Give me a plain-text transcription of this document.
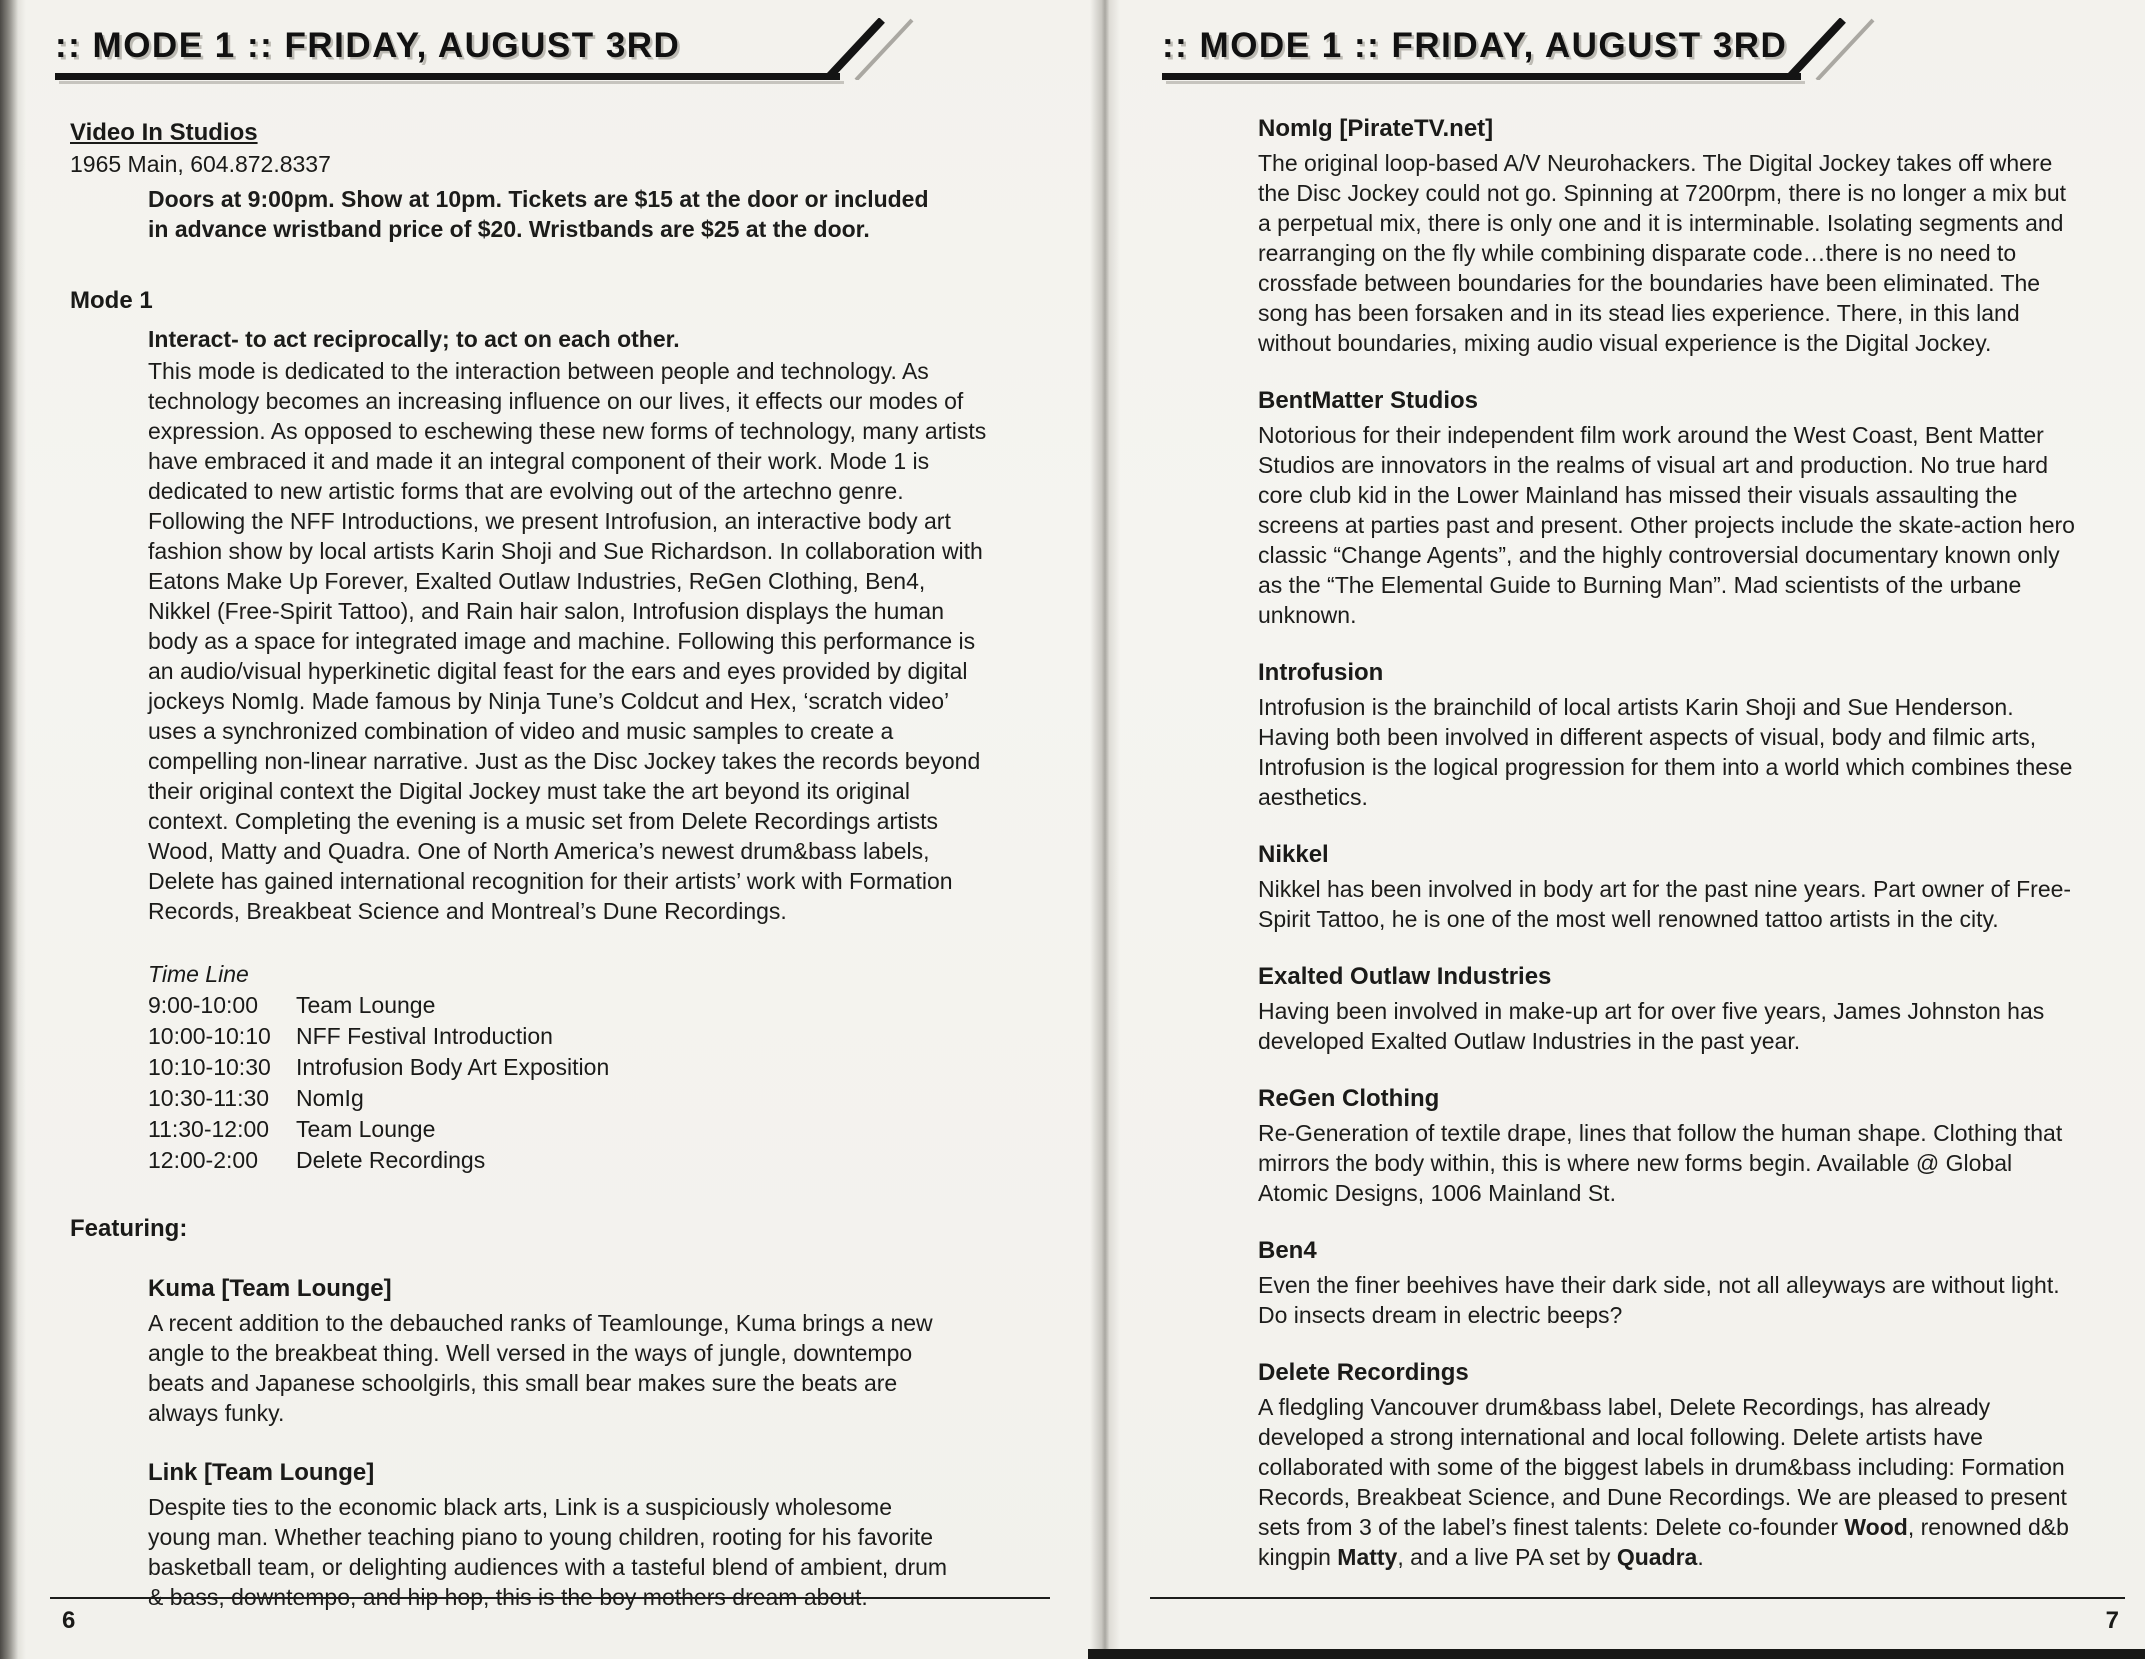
:: MODE 1 :: FRIDAY, AUGUST 3RD
Video In Studios
1965 Main, 604.872.8337
Doors at 9:00pm. Show at 10pm. Tickets are $15 at the door or included in advance wristband price of $20. Wristbands are $25 at the door.
Mode 1
Interact- to act reciprocally; to act on each other.
This mode is dedicated to the interaction between people and technology. As technology becomes an increasing influence on our lives, it effects our modes of expression. As opposed to eschewing these new forms of technology, many artists have embraced it and made it an integral component of their work. Mode 1 is dedicated to new artistic forms that are evolving out of the artechno genre. Following the NFF Introductions, we present Introfusion, an interactive body art fashion show by local artists Karin Shoji and Sue Richardson. In collaboration with Eatons Make Up Forever, Exalted Outlaw Industries, ReGen Clothing, Ben4, Nikkel (Free-Spirit Tattoo), and Rain hair salon, Introfusion displays the human body as a space for integrated image and machine. Following this performance is an audio/visual hyperkinetic digital feast for the ears and eyes provided by digital jockeys NomIg. Made famous by Ninja Tune’s Coldcut and Hex, ‘scratch video’ uses a synchronized combination of video and music samples to create a compelling non-linear narrative. Just as the Disc Jockey takes the records beyond their original context the Digital Jockey must take the art beyond its original context. Completing the evening is a music set from Delete Recordings artists Wood, Matty and Quadra. One of North America’s newest drum&bass labels, Delete has gained international recognition for their artists’ work with Formation Records, Breakbeat Science and Montreal’s Dune Recordings.
Time Line
9:00-10:00	Team Lounge
10:00-10:10	NFF Festival Introduction
10:10-10:30	Introfusion Body Art Exposition
10:30-11:30	NomIg
11:30-12:00	Team Lounge
12:00-2:00	Delete Recordings
Featuring:
Kuma [Team Lounge]
A recent addition to the debauched ranks of Teamlounge, Kuma brings a new angle to the breakbeat thing. Well versed in the ways of jungle, downtempo beats and Japanese schoolgirls, this small bear makes sure the beats are always funky.
Link [Team Lounge]
Despite ties to the economic black arts, Link is a suspiciously wholesome young man. Whether teaching piano to young children, rooting for his favorite basketball team, or delighting audiences with a tasteful blend of ambient, drum & bass, downtempo, and hip hop, this is the boy mothers dream about.
6
:: MODE 1 :: FRIDAY, AUGUST 3RD
NomIg [PirateTV.net]
The original loop-based A/V Neurohackers. The Digital Jockey takes off where the Disc Jockey could not go. Spinning at 7200rpm, there is no longer a mix but a perpetual mix, there is only one and it is interminable. Isolating segments and rearranging on the fly while combining disparate code…there is no need to crossfade between boundaries for the boundaries have been eliminated. The song has been forsaken and in its stead lies experience. There, in this land without boundaries, mixing audio visual experience is the Digital Jockey.
BentMatter Studios
Notorious for their independent film work around the West Coast, Bent Matter Studios are innovators in the realms of visual art and production. No true hard core club kid in the Lower Mainland has missed their visuals assaulting the screens at parties past and present. Other projects include the skate-action hero classic “Change Agents”, and the highly controversial documentary known only as the “The Elemental Guide to Burning Man”. Mad scientists of the urbane unknown.
Introfusion
Introfusion is the brainchild of local artists Karin Shoji and Sue Henderson. Having both been involved in different aspects of visual, body and filmic arts, Introfusion is the logical progression for them into a world which combines these aesthetics.
Nikkel
Nikkel has been involved in body art for the past nine years. Part owner of Free-Spirit Tattoo, he is one of the most well renowned tattoo artists in the city.
Exalted Outlaw Industries
Having been involved in make-up art for over five years, James Johnston has developed Exalted Outlaw Industries in the past year.
ReGen Clothing
Re-Generation of textile drape, lines that follow the human shape. Clothing that mirrors the body within, this is where new forms begin. Available @ Global Atomic Designs, 1006 Mainland St.
Ben4
Even the finer beehives have their dark side, not all alleyways are without light. Do insects dream in electric beeps?
Delete Recordings
A fledgling Vancouver drum&bass label, Delete Recordings, has already developed a strong international and local following. Delete artists have collaborated with some of the biggest labels in drum&bass including: Formation Records, Breakbeat Science, and Dune Recordings. We are pleased to present sets from 3 of the label’s finest talents: Delete co-founder Wood, renowned d&b kingpin Matty, and a live PA set by Quadra.
7
